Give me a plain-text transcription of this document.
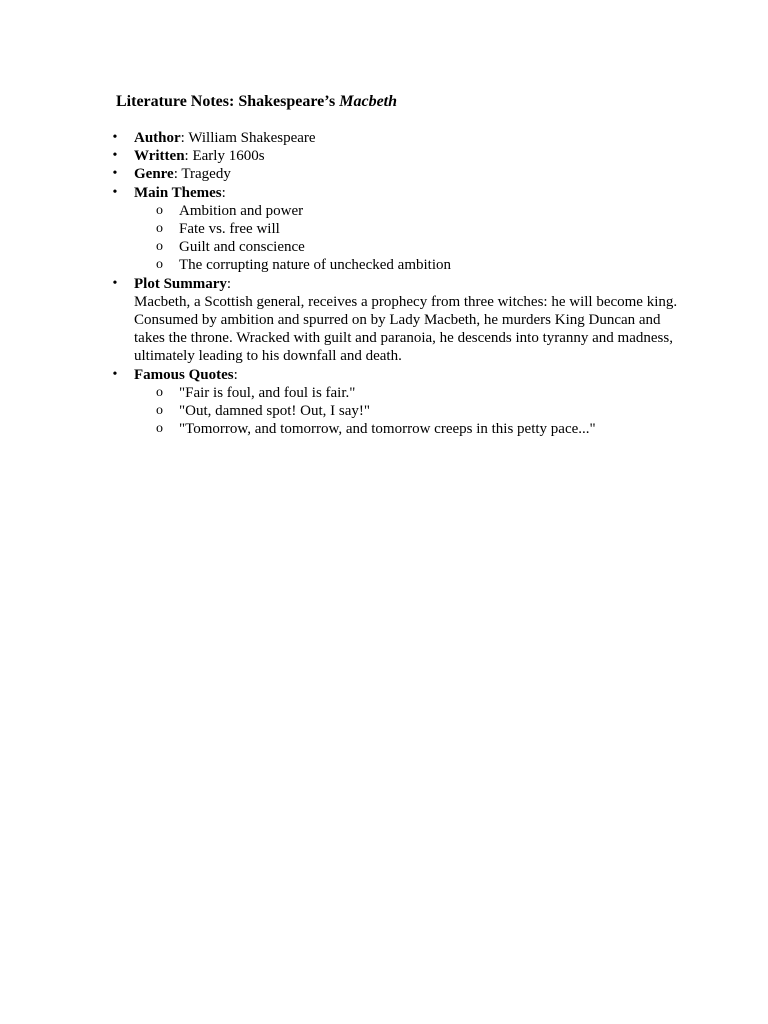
Literature Notes: Shakespeare’s Macbeth
• Author: William Shakespeare
• Written: Early 1600s
• Genre: Tragedy
• Main Themes:
o Ambition and power
o Fate vs. free will
o Guilt and conscience
o The corrupting nature of unchecked ambition
• Plot Summary:
Macbeth, a Scottish general, receives a prophecy from three witches: he will become king. Consumed by ambition and spurred on by Lady Macbeth, he murders King Duncan and takes the throne. Wracked with guilt and paranoia, he descends into tyranny and madness, ultimately leading to his downfall and death.
• Famous Quotes:
o "Fair is foul, and foul is fair."
o "Out, damned spot! Out, I say!"
o "Tomorrow, and tomorrow, and tomorrow creeps in this petty pace..."
